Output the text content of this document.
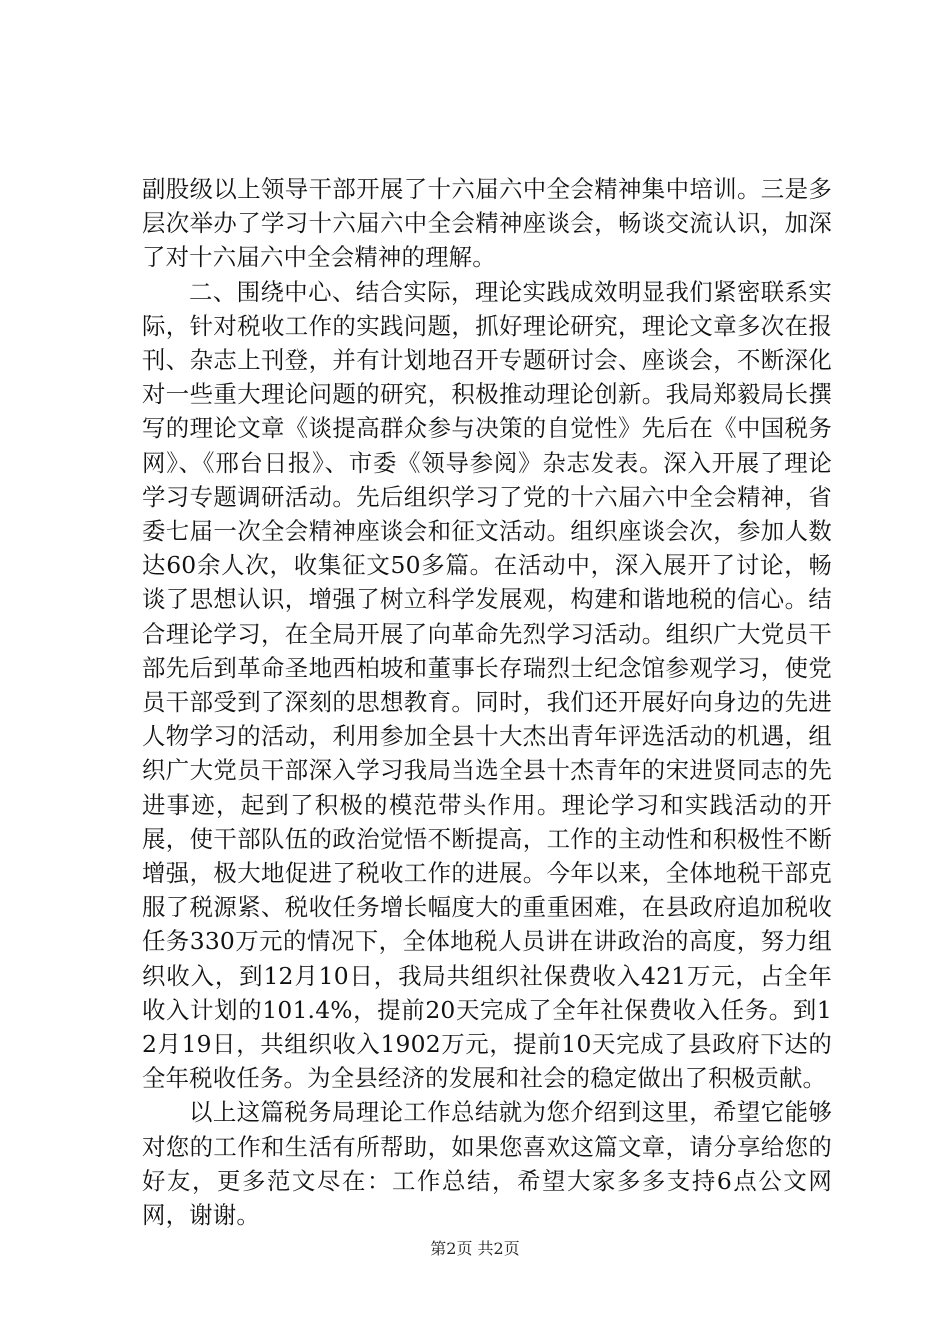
副股级以上领导干部开展了十六届六中全会精神集中培训。三是多层次举办了学习十六届六中全会精神座谈会，畅谈交流认识，加深了对十六届六中全会精神的理解。

二、围绕中心、结合实际，理论实践成效明显我们紧密联系实际，针对税收工作的实践问题，抓好理论研究，理论文章多次在报刊、杂志上刊登，并有计划地召开专题研讨会、座谈会，不断深化对一些重大理论问题的研究，积极推动理论创新。我局郑毅局长撰写的理论文章《谈提高群众参与决策的自觉性》先后在《中国税务网》、《邢台日报》、市委《领导参阅》杂志发表。深入开展了理论学习专题调研活动。先后组织学习了党的十六届六中全会精神，省委七届一次全会精神座谈会和征文活动。组织座谈会次，参加人数达60余人次，收集征文50多篇。在活动中，深入展开了讨论，畅谈了思想认识，增强了树立科学发展观，构建和谐地税的信心。结合理论学习，在全局开展了向革命先烈学习活动。组织广大党员干部先后到革命圣地西柏坡和董事长存瑞烈士纪念馆参观学习，使党员干部受到了深刻的思想教育。同时，我们还开展好向身边的先进人物学习的活动，利用参加全县十大杰出青年评选活动的机遇，组织广大党员干部深入学习我局当选全县十杰青年的宋进贤同志的先进事迹，起到了积极的模范带头作用。理论学习和实践活动的开展，使干部队伍的政治觉悟不断提高，工作的主动性和积极性不断增强，极大地促进了税收工作的进展。今年以来，全体地税干部克服了税源紧、税收任务增长幅度大的重重困难，在县政府追加税收任务330万元的情况下，全体地税人员讲在讲政治的高度，努力组织收入，到12月10日，我局共组织社保费收入421万元，占全年收入计划的101.4%，提前20天完成了全年社保费收入任务。到12月19日，共组织收入1902万元，提前10天完成了县政府下达的全年税收任务。为全县经济的发展和社会的稳定做出了积极贡献。

以上这篇税务局理论工作总结就为您介绍到这里，希望它能够对您的工作和生活有所帮助，如果您喜欢这篇文章，请分享给您的好友，更多范文尽在：工作总结，希望大家多多支持6点公文网网，谢谢。

第2页 共2页
